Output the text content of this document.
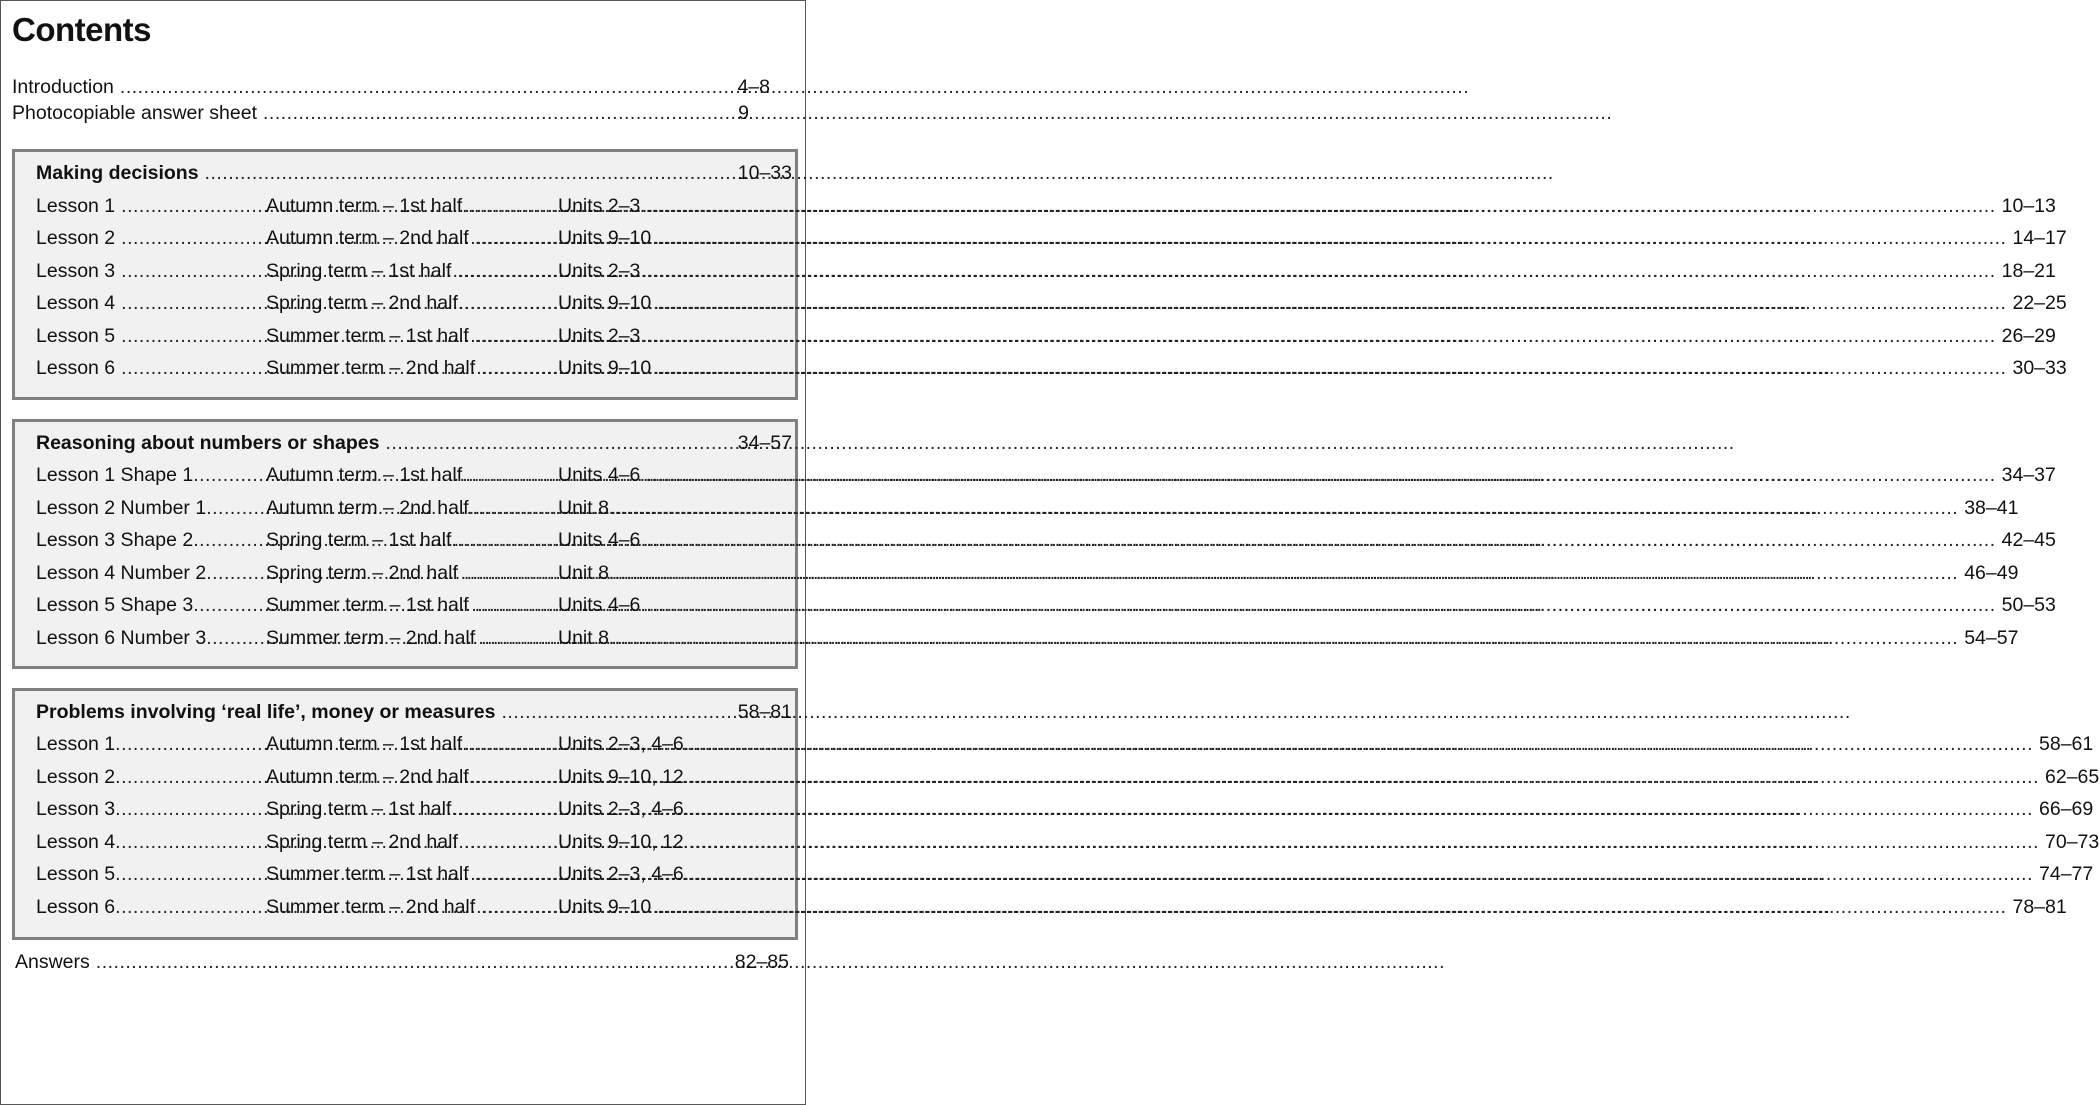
Contents
Introduction .....	4–8
Photocopiable answer sheet .....	9
Making decisions .....	10–33
Lesson 1 .....	Autumn term – 1st half .....	Units 2–3 .....	10–13
Lesson 2 .....	Autumn term – 2nd half .....	Units 9–10 .....	14–17
Lesson 3 .....	Spring term – 1st half .....	Units 2–3 .....	18–21
Lesson 4 .....	Spring term – 2nd half .....	Units 9–10 .....	22–25
Lesson 5 .....	Summer term – 1st half .....	Units 2–3 .....	26–29
Lesson 6 .....	Summer term – 2nd half .....	Units 9–10 .....	30–33
Reasoning about numbers or shapes .....	34–57
Lesson 1 Shape 1 .....	Autumn term – 1st half .....	Units 4–6 .....	34–37
Lesson 2 Number 1 .....	Autumn term – 2nd half .....	Unit 8 .....	38–41
Lesson 3 Shape 2 .....	Spring term – 1st half .....	Units 4–6 .....	42–45
Lesson 4 Number 2 .....	Spring term – 2nd half .....	Unit 8 .....	46–49
Lesson 5 Shape 3 .....	Summer term – 1st half .....	Units 4–6 .....	50–53
Lesson 6 Number 3 .....	Summer term – 2nd half .....	Unit 8 .....	54–57
Problems involving ‘real life’, money or measures .....	58–81
Lesson 1 .....	Autumn term – 1st half .....	Units 2–3, 4–6 .....	58–61
Lesson 2 .....	Autumn term – 2nd half .....	Units 9–10, 12 .....	62–65
Lesson 3 .....	Spring term – 1st half .....	Units 2–3, 4–6 .....	66–69
Lesson 4 .....	Spring term – 2nd half .....	Units 9–10, 12 .....	70–73
Lesson 5 .....	Summer term – 1st half .....	Units 2–3, 4–6 .....	74–77
Lesson 6 .....	Summer term – 2nd half .....	Units 9–10 .....	78–81
Answers .....	82–85
